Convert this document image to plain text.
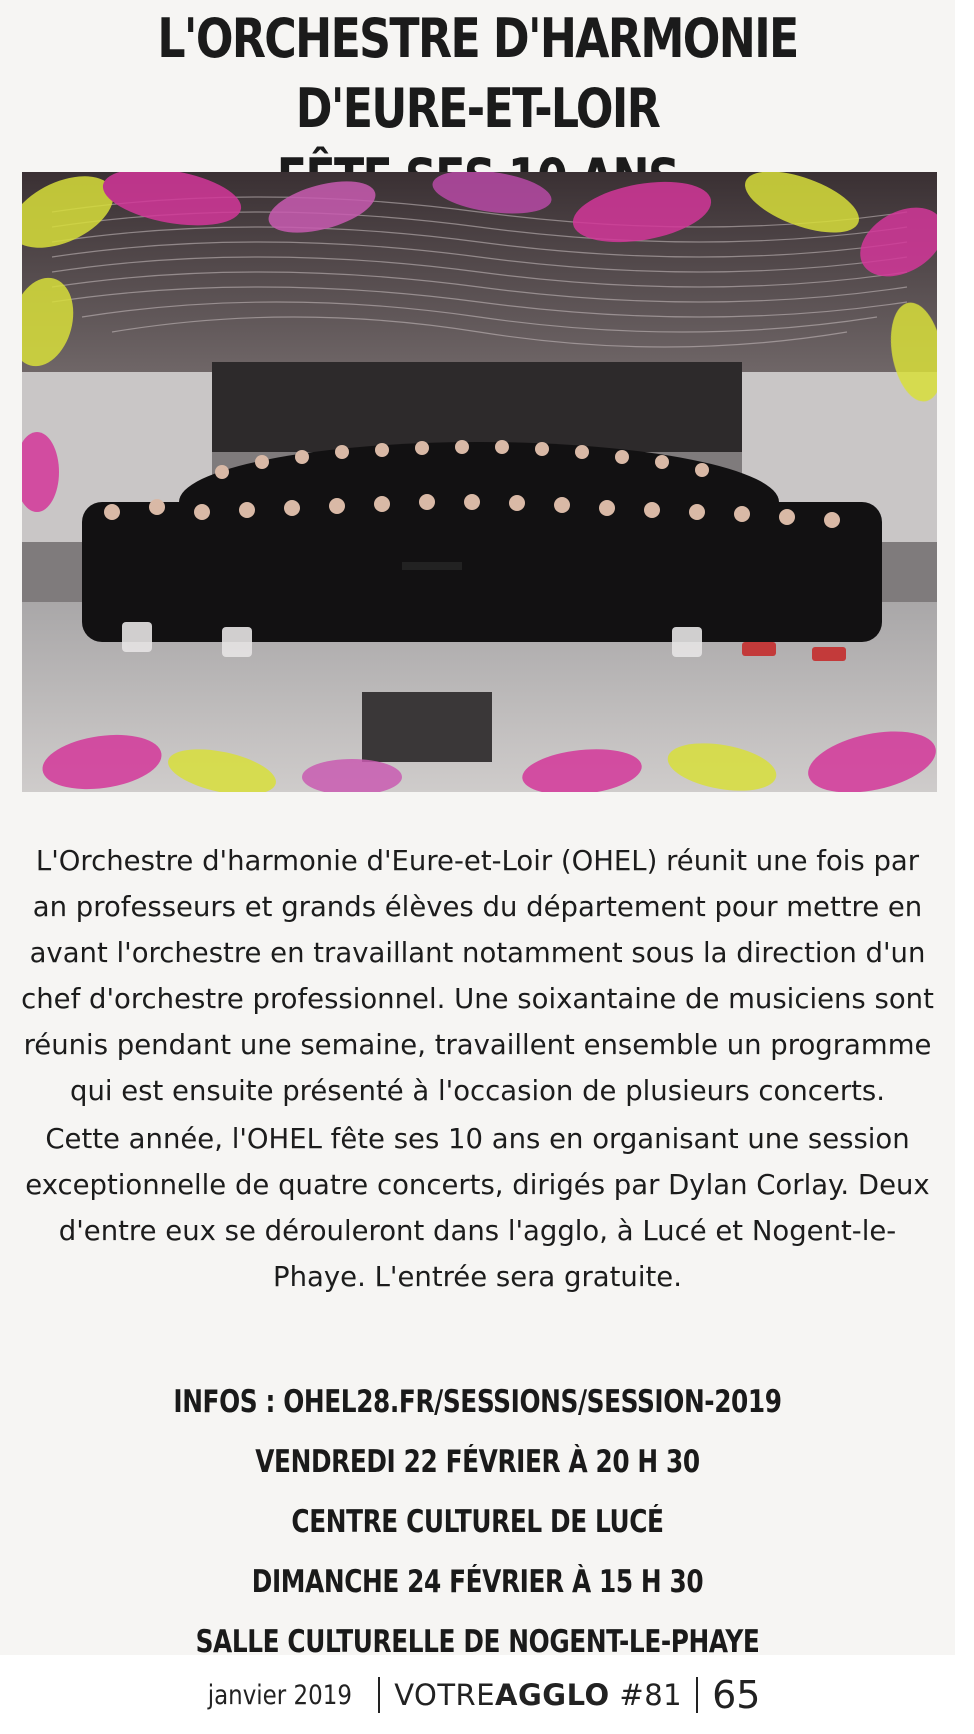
L'ORCHESTRE D'HARMONIE D'EURE-ET-LOIR

L'Orchestre d'harmonie d'Eure-et-Loir (OHEL) réunit une fois par an professeurs et grands élèves du département pour mettre en avant l'orchestre en travaillant notamment sous la direction d'un chef d'orchestre professionnel. Une soixantaine de musiciens sont réunis pendant une semaine, travaillent ensemble un programme qui est ensuite présenté à l'occasion de plusieurs concerts.

Cette année, l'OHEL fête ses 10 ans en organisant une session exceptionnelle de quatre concerts, dirigés par Dylan Corlay. Deux d'entre eux se dérouleront dans l'agglo, à Lucé et Nogent-le-Phaye. L'entrée sera gratuite.

INFOS : OHEL28.FR/SESSIONS/SESSION-2019
VENDREDI 22 FÉVRIER À 20 H 30
CENTRE CULTUREL DE LUCÉ
DIMANCHE 24 FÉVRIER À 15 H 30
SALLE CULTURELLE DE NOGENT-LE-PHAYE
janvier 2019 VOTREAGGLO #81 65
